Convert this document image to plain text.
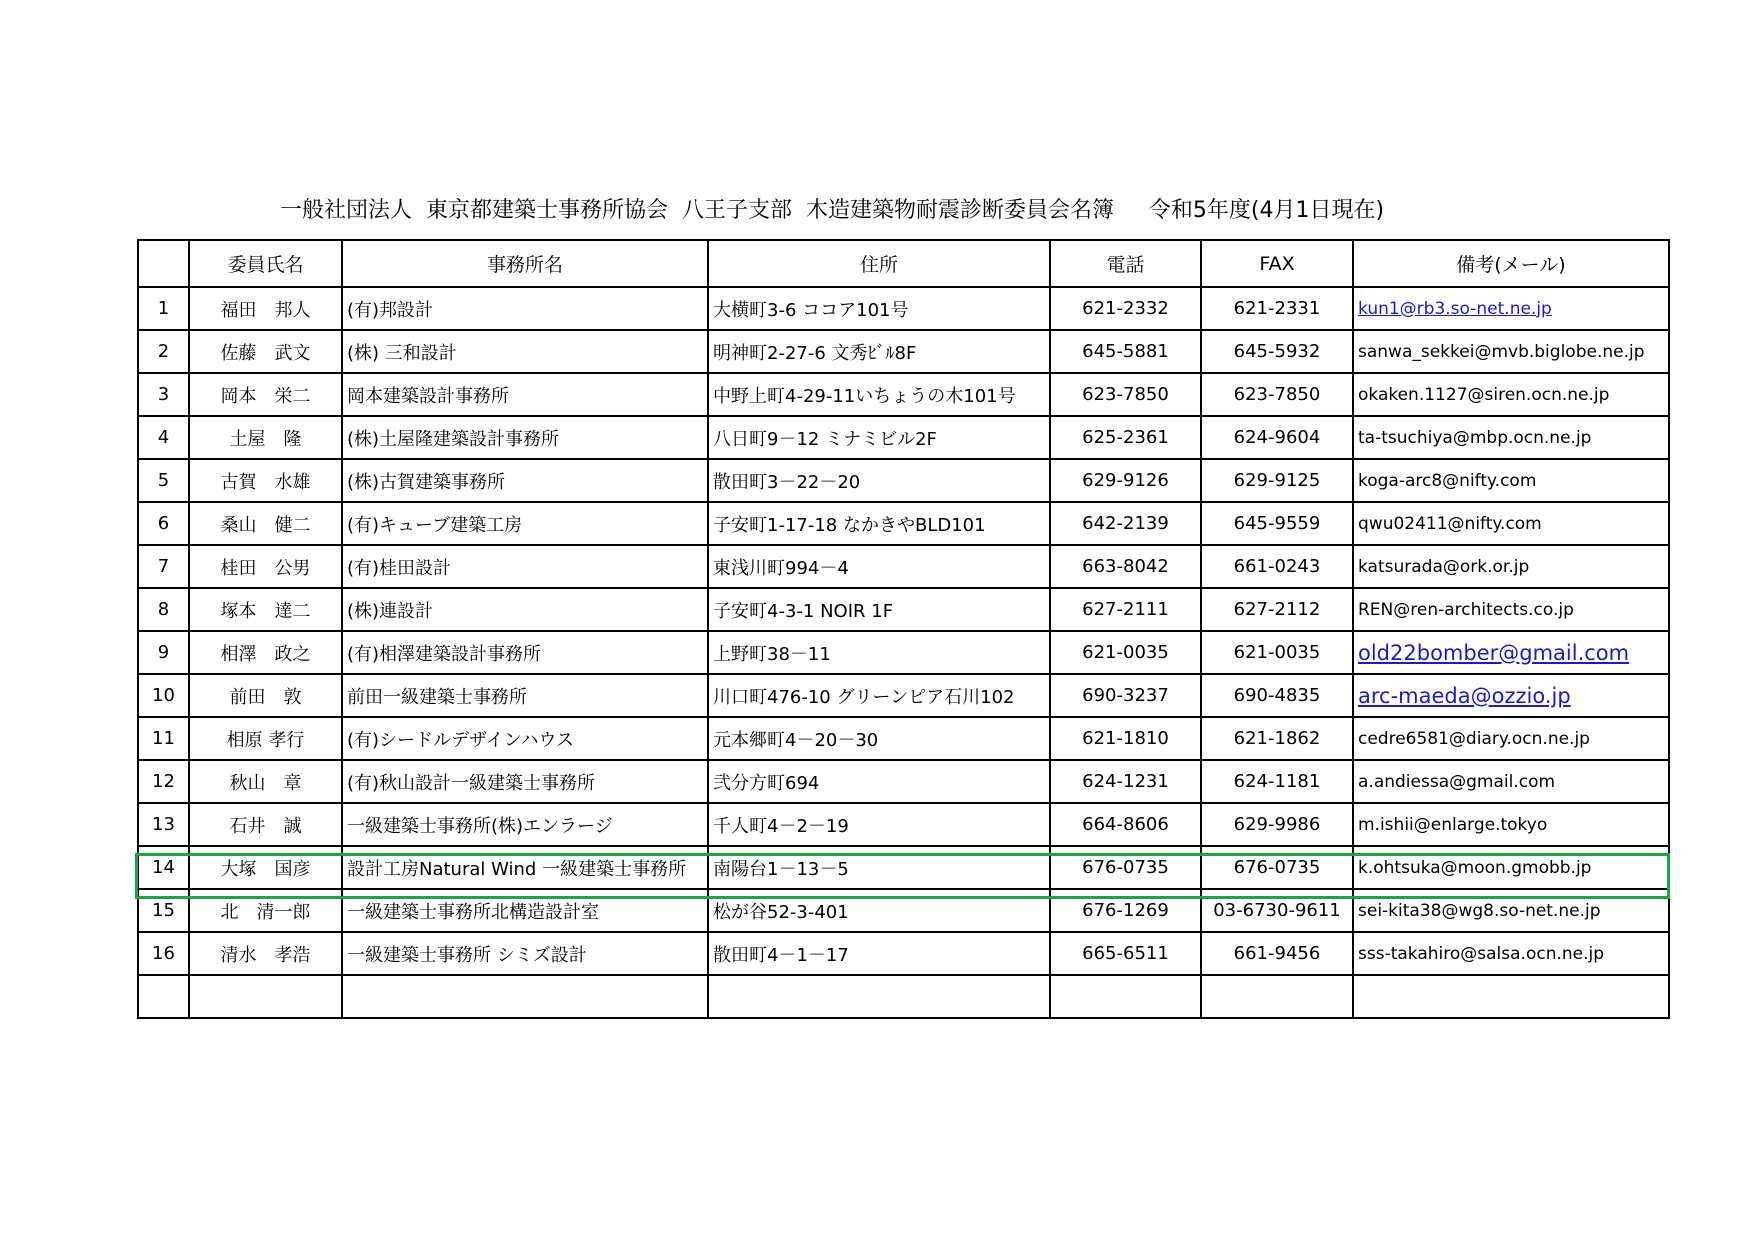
一般社団法人  東京都建築士事務所協会  八王子支部  木造建築物耐震診断委員会名簿     令和5年度(4月1日現在)
	委員氏名	事務所名	住所	電話	FAX	備考(メール)
1	福田　邦人	(有)邦設計	大横町3-6 ココア101号	621-2332	621-2331	kun1@rb3.so-net.ne.jp
2	佐藤　武文	(株) 三和設計	明神町2-27-6 文秀ﾋﾞﾙ8F	645-5881	645-5932	sanwa_sekkei@mvb.biglobe.ne.jp
3	岡本　栄二	岡本建築設計事務所	中野上町4-29-11いちょうの木101号	623-7850	623-7850	okaken.1127@siren.ocn.ne.jp
4	土屋　隆	(株)土屋隆建築設計事務所	八日町9－12 ミナミビル2F	625-2361	624-9604	ta-tsuchiya@mbp.ocn.ne.jp
5	古賀　水雄	(株)古賀建築事務所	散田町3－22－20	629-9126	629-9125	koga-arc8@nifty.com
6	桑山　健二	(有)キューブ建築工房	子安町1-17-18 なかきやBLD101	642-2139	645-9559	qwu02411@nifty.com
7	桂田　公男	(有)桂田設計	東浅川町994－4	663-8042	661-0243	katsurada@ork.or.jp
8	塚本　達二	(株)連設計	子安町4-3-1 NOIR 1F	627-2111	627-2112	REN@ren-architects.co.jp
9	相澤　政之	(有)相澤建築設計事務所	上野町38－11	621-0035	621-0035	old22bomber@gmail.com
10	前田　敦	前田一級建築士事務所	川口町476-10 グリーンピア石川102	690-3237	690-4835	arc-maeda@ozzio.jp
11	相原 孝行	(有)シードルデザインハウス	元本郷町4－20－30	621-1810	621-1862	cedre6581@diary.ocn.ne.jp
12	秋山　章	(有)秋山設計一級建築士事務所	弐分方町694	624-1231	624-1181	a.andiessa@gmail.com
13	石井　誠	一級建築士事務所(株)エンラージ	千人町4－2－19	664-8606	629-9986	m.ishii@enlarge.tokyo
14	大塚　国彦	設計工房Natural Wind 一級建築士事務所	南陽台1－13－5	676-0735	676-0735	k.ohtsuka@moon.gmobb.jp
15	北　清一郎	一級建築士事務所北構造設計室	松が谷52-3-401	676-1269	03-6730-9611	sei-kita38@wg8.so-net.ne.jp
16	清水　孝浩	一級建築士事務所 シミズ設計	散田町4－1－17	665-6511	661-9456	sss-takahiro@salsa.ocn.ne.jp
